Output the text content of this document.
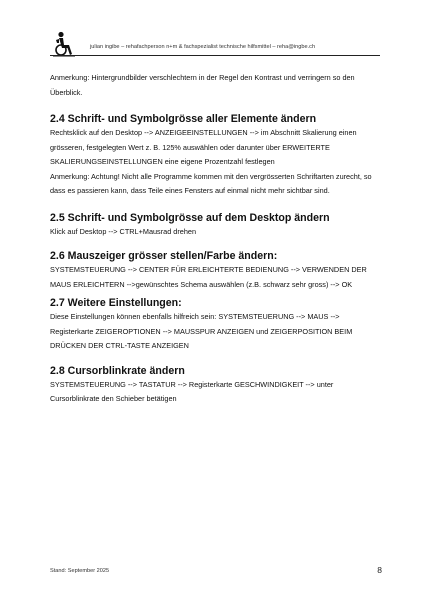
julian ingibe – rehafachperson n+m & fachspezialist technische hilfsmittel – reha@ingbe.ch

Anmerkung: Hintergrundbilder verschlechtern in der Regel den Kontrast und verringern so den Überblick.

2.4 Schrift- und Symbolgrösse aller Elemente ändern

Rechtsklick auf den Desktop --> ANZEIGEEINSTELLUNGEN --> im Abschnitt Skalierung einen grösseren, festgelegten Wert z. B. 125% auswählen oder darunter über ERWEITERTE SKALIERUNGSEINSTELLUNGEN eine eigene Prozentzahl festlegen

Anmerkung: Achtung! Nicht alle Programme kommen mit den vergrösserten Schriftarten zurecht, so dass es passieren kann, dass Teile eines Fensters auf einmal nicht mehr sichtbar sind.

2.5 Schrift- und Symbolgrösse auf dem Desktop ändern

Klick auf Desktop --> CTRL+Mausrad drehen

2.6 Mauszeiger grösser stellen/Farbe ändern:

SYSTEMSTEUERUNG --> CENTER FÜR ERLEICHTERTE BEDIENUNG --> VERWENDEN DER MAUS ERLEICHTERN -->gewünschtes Schema auswählen (z.B. schwarz sehr gross) --> OK

2.7 Weitere Einstellungen:

Diese Einstellungen können ebenfalls hilfreich sein: SYSTEMSTEUERUNG --> MAUS --> Registerkarte ZEIGEROPTIONEN --> MAUSSPUR ANZEIGEN und ZEIGERPOSITION BEIM DRÜCKEN DER CTRL-TASTE ANZEIGEN

2.8 Cursorblinkrate ändern

SYSTEMSTEUERUNG --> TASTATUR --> Registerkarte GESCHWINDIGKEIT --> unter Cursorblinkrate den Schieber betätigen

Stand: September 2025	8
